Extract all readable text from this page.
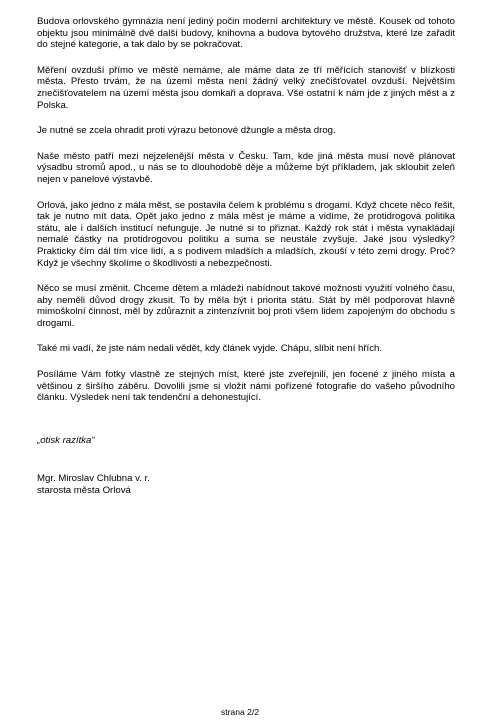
Budova orlovského gymnázia není jediný počin moderní architektury ve městě. Kousek od tohoto objektu jsou minimálně dvě další budovy, knihovna a budova bytového družstva, které lze zařadit do stejné kategorie, a tak dalo by se pokračovat.

Měření ovzduší přímo ve městě nemáme, ale máme data ze tří měřících stanovišť v blízkosti města. Přesto trvám, že na území města není žádný velký znečišťovatel ovzduší. Největším znečišťovatelem na území města jsou domkaři a doprava. Vše ostatní k nám jde z jiných měst a z Polska.

Je nutné se zcela ohradit proti výrazu betonové džungle a města drog.

Naše město patří mezi nejzelenější města v Česku. Tam, kde jiná města musí nově plánovat výsadbu stromů apod., u nás se to dlouhodobě děje a můžeme být příkladem, jak skloubit zeleň nejen v panelové výstavbě.

Orlová, jako jedno z mála měst, se postavila čelem k problému s drogami. Když chcete něco řešit, tak je nutno mít data. Opět jako jedno z mála měst je máme a vidíme, že protidrogová politika státu, ale i dalších institucí nefunguje. Je nutné si to přiznat. Každý rok stát i města vynakládají nemalé částky na protidrogovou politiku a suma se neustále zvyšuje. Jaké jsou výsledky? Prakticky čím dál tím více lidí, a s podivem mladších a mladších, zkouší v této zemi drogy. Proč? Když je všechny školíme o škodlivosti a nebezpečnosti.

Něco se musí změnit. Chceme dětem a mládeži nabídnout takové možnosti využití volného času, aby neměli důvod drogy zkusit. To by měla být i priorita státu. Stát by měl podporovat hlavně mimoškolní činnost, měl by zdůraznit a zintenzívnit boj proti všem lidem zapojeným do obchodu s drogami.

Také mi vadí, že jste nám nedali vědět, kdy článek vyjde. Chápu, slíbit není hřích.

Posíláme Vám fotky vlastně ze stejných míst, které jste zveřejnili, jen focené z jiného místa a většinou z širšího záběru. Dovolili jsme si vložit námi pořízené fotografie do vašeho původního článku. Výsledek není tak tendenční a dehonestující.

„otisk razítka“

Mgr. Miroslav Chlubna v. r.
starosta města Orlová
strana 2/2
